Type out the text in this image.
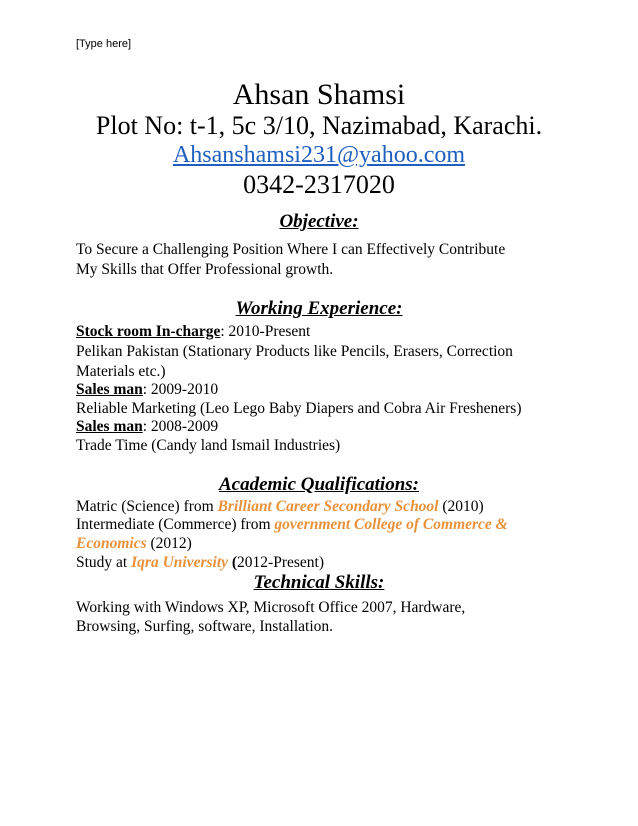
[Type here]
Ahsan Shamsi
Plot No: t-1, 5c 3/10, Nazimabad, Karachi.
Ahsanshamsi231@yahoo.com
0342-2317020
Objective:
To Secure a Challenging Position Where I can Effectively Contribute
My Skills that Offer Professional growth.
Working Experience:
Stock room In-charge: 2010-Present
Pelikan Pakistan (Stationary Products like Pencils, Erasers, Correction
Materials etc.)
Sales man: 2009-2010
Reliable Marketing (Leo Lego Baby Diapers and Cobra Air Fresheners)
Sales man: 2008-2009
Trade Time (Candy land Ismail Industries)
Academic Qualifications:
Matric (Science) from Brilliant Career Secondary School (2010)
Intermediate (Commerce) from government College of Commerce &
Economics (2012)
Study at Iqra University (2012-Present)
Technical Skills:
Working with Windows XP, Microsoft Office 2007, Hardware,
Browsing, Surfing, software, Installation.
